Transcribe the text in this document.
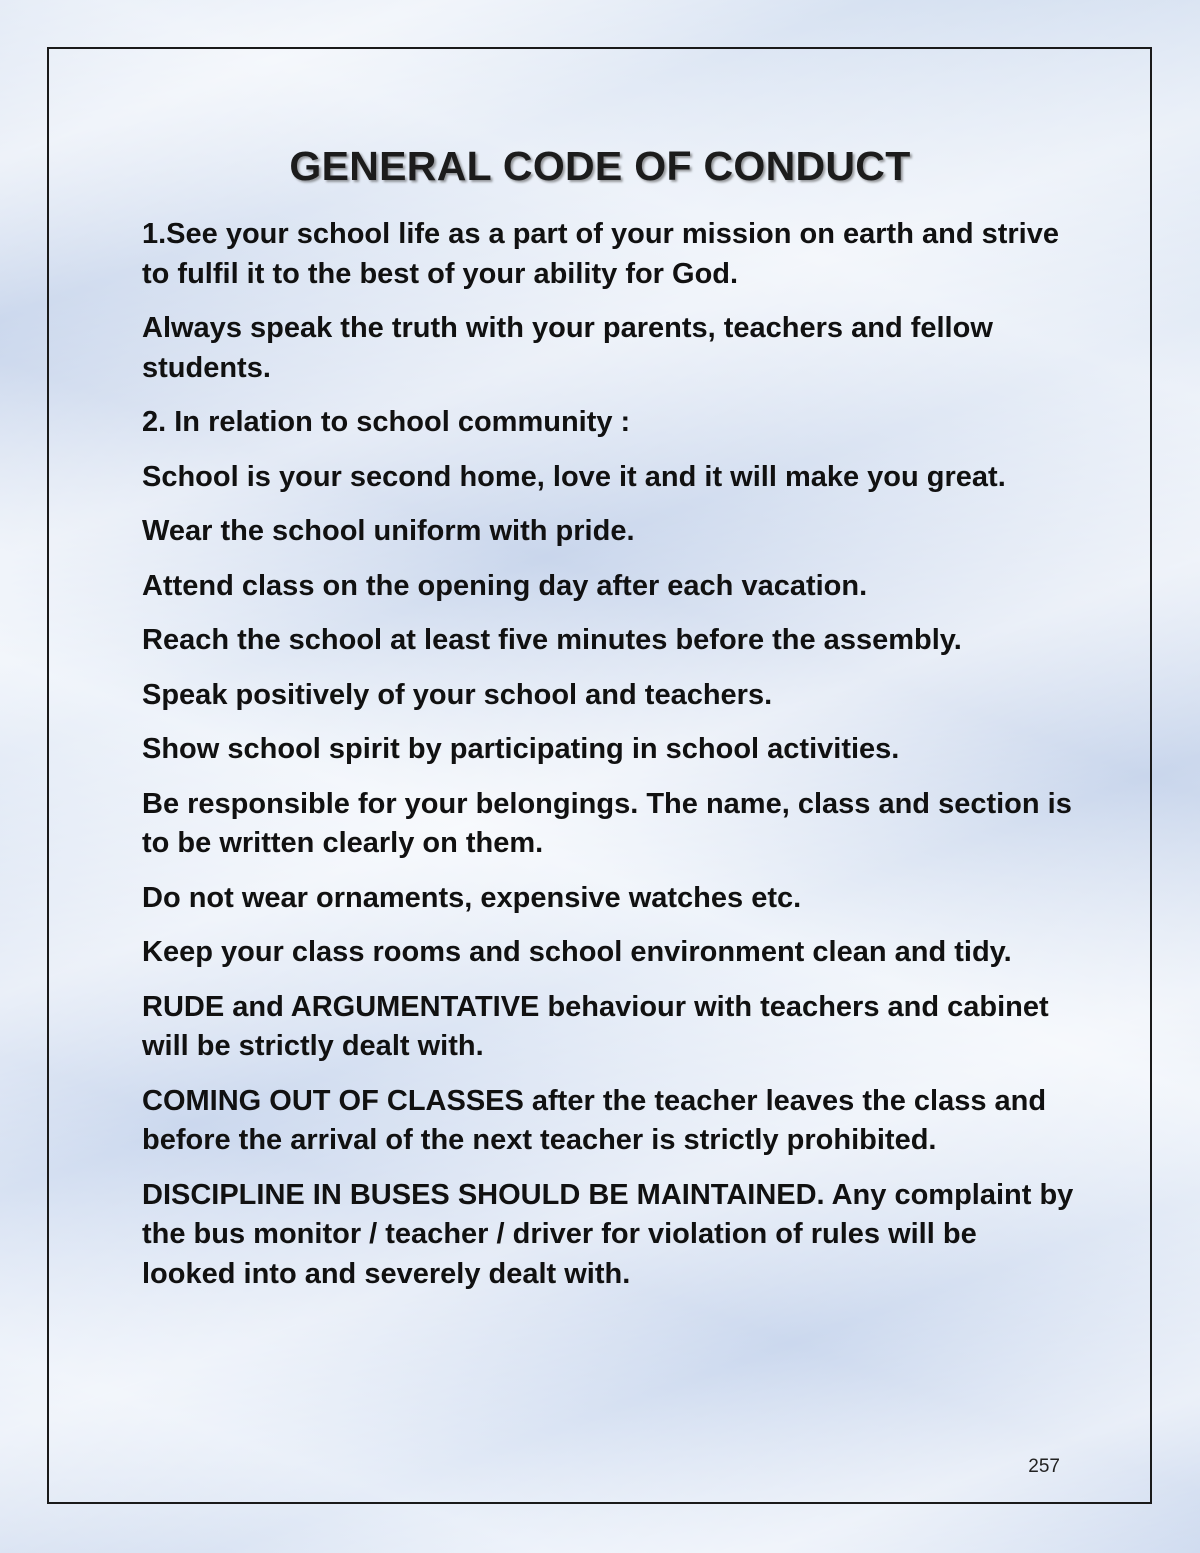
GENERAL CODE OF CONDUCT

1.See your school life as a part of your mission on earth and strive to fulfil it to the best of your ability for God.

Always speak the truth with your parents, teachers and fellow students.

2. In relation to school community :

School is your second home, love it and it will make you great.

Wear the school uniform with pride.

Attend class on the opening day after each vacation.

Reach the school at least five minutes before the assembly.

Speak positively of your school and teachers.

Show school spirit by participating in school activities.

Be responsible for your belongings. The name, class and section is to be written clearly on them.

Do not wear ornaments, expensive watches etc.

Keep your class rooms and school environment clean and tidy.

RUDE and ARGUMENTATIVE behaviour with teachers and cabinet will be strictly dealt with.

COMING OUT OF CLASSES after the teacher leaves the class and before the arrival of the next teacher is strictly prohibited.

DISCIPLINE IN BUSES SHOULD BE MAINTAINED. Any complaint by the bus monitor / teacher / driver for violation of rules will be looked into and severely dealt with.

257
